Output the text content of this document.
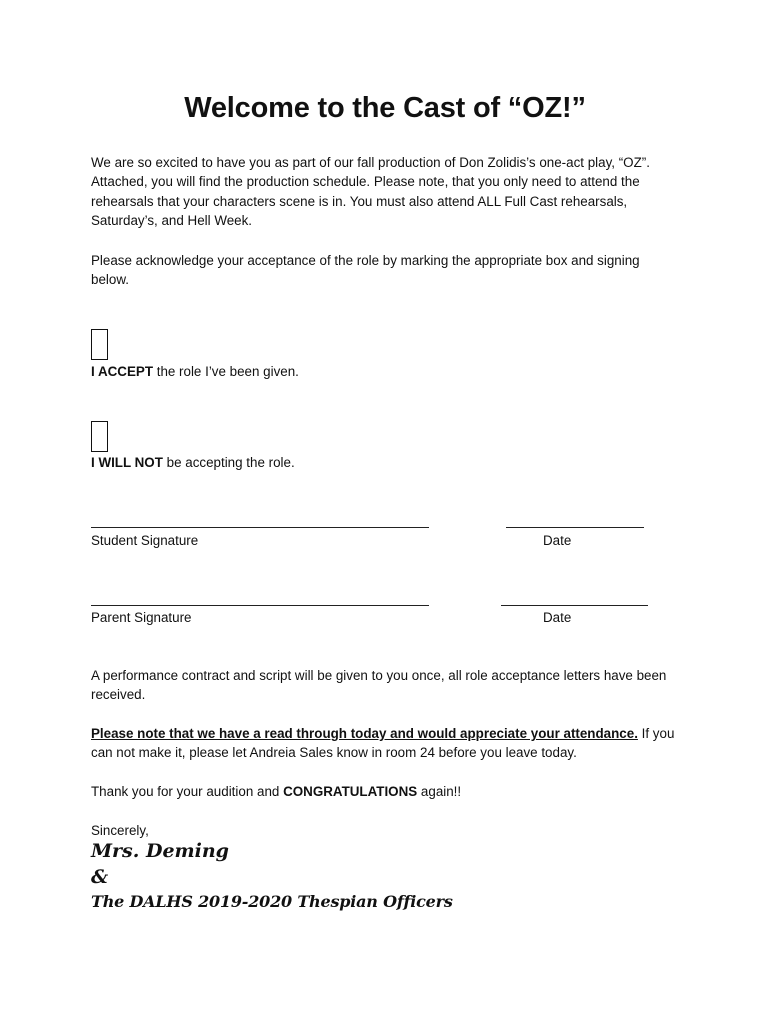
Welcome to the Cast of “OZ!”
We are so excited to have you as part of our fall production of Don Zolidis’s one-act play, “OZ”. Attached, you will find the production schedule. Please note, that you only need to attend the rehearsals that your characters scene is in. You must also attend ALL Full Cast rehearsals, Saturday’s, and Hell Week.
Please acknowledge your acceptance of the role by marking the appropriate box and signing below.
I ACCEPT the role I’ve been given.
I WILL NOT be accepting the role.
Student Signature	Date
Parent Signature	Date
A performance contract and script will be given to you once, all role acceptance letters have been received.
Please note that we have a read through today and would appreciate your attendance. If you can not make it, please let Andreia Sales know in room 24 before you leave today.
Thank you for your audition and CONGRATULATIONS again!!
Sincerely,
Mrs. Deming
&
The DALHS 2019-2020 Thespian Officers
